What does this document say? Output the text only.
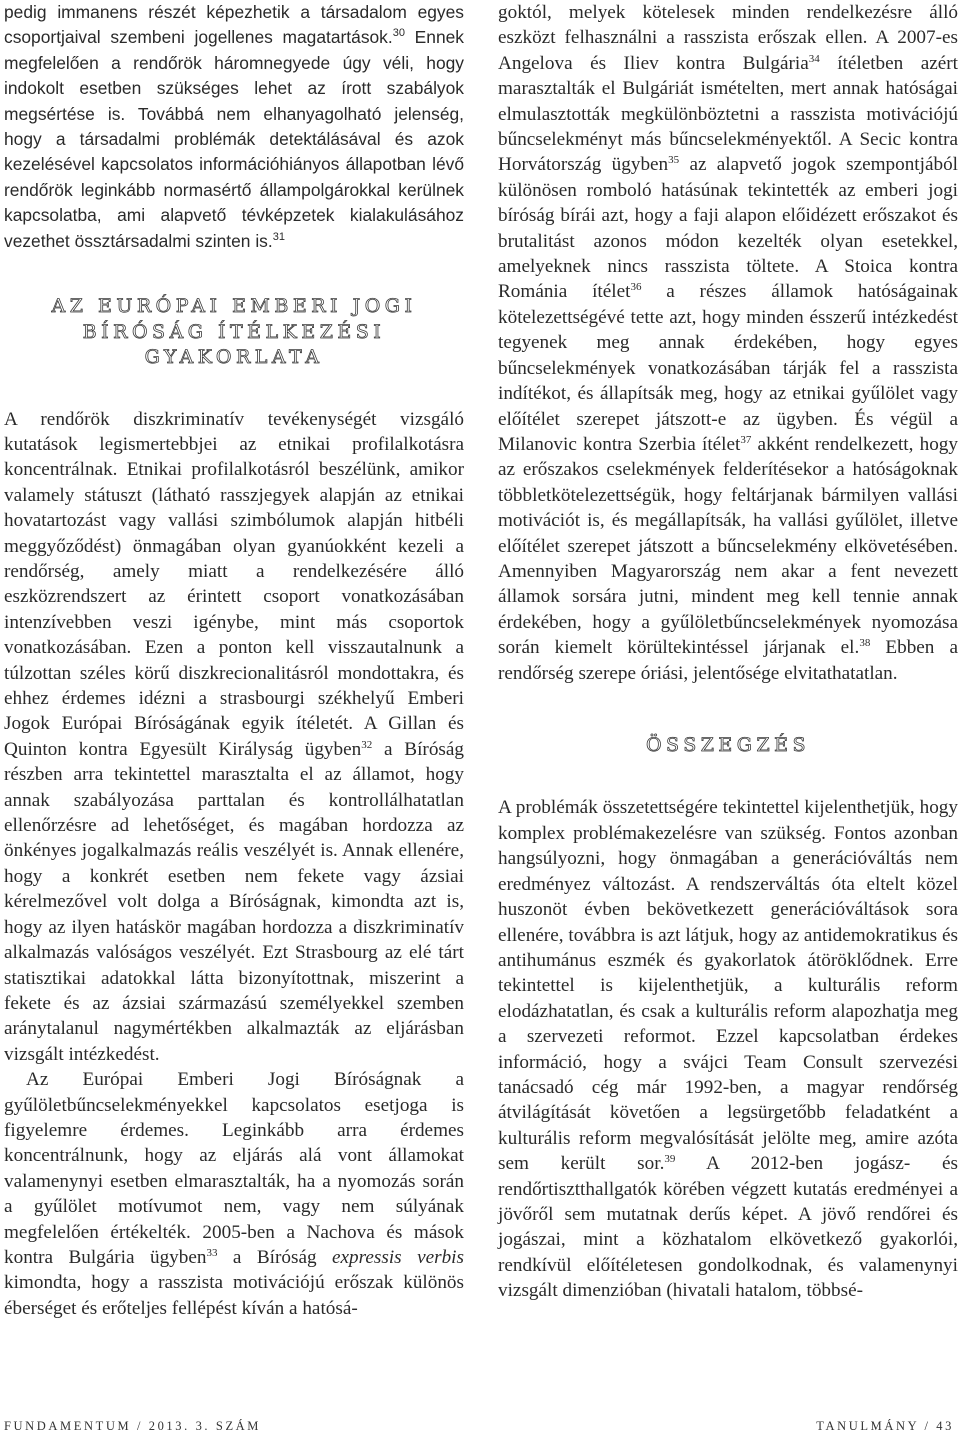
pedig immanens részét képezhetik a társadalom egyes csoportjaival szembeni jogellenes magatartások.$^{30}$ Ennek megfelelően a rendőrök háromnegyede úgy véli, hogy indokolt esetben szükséges lehet az írott szabályok megsértése is. Továbbá nem elhanyagolható jelenség, hogy a társadalmi problémák detektálásával és azok kezelésével kapcsolatos információhiányos állapotban lévő rendőrök leginkább normasértő állampolgárokkal kerülnek kapcsolatba, ami alapvető tévképzetek kialakulásához vezethet össztársadalmi szinten is.$^{31}$

AZ EURÓPAI EMBERI JOGI BÍRÓSÁG ÍTÉLKEZÉSI GYAKORLATA

A rendőrök diszkriminatív tevékenységét vizsgáló kutatások legismertebbjei az etnikai profilalkotásra koncentrálnak. Etnikai profilalkotásról beszélünk, amikor valamely státuszt (látható rasszjegyek alapján az etnikai hovatartozást vagy vallási szimbólumok alapján hitbéli meggyőződést) önmagában olyan gyanúokként kezeli a rendőrség, amely miatt a rendelkezésére álló eszközrendszert az érintett csoport vonatkozásában intenzívebben veszi igénybe, mint más csoportok vonatkozásában. Ezen a ponton kell visszautalnunk a túlzottan széles körű diszkrecionalitásról mondottakra, és ehhez érdemes idézni a strasbourgi székhelyű Emberi Jogok Európai Bíróságának egyik ítéletét. A Gillan és Quinton kontra Egyesült Királyság ügyben$^{32}$ a Bíróság részben arra tekintettel marasztalta el az államot, hogy annak szabályozása parttalan és kontrollálhatatlan ellenőrzésre ad lehetőséget, és magában hordozza az önkényes jogalkalmazás reális veszélyét is. Annak ellenére, hogy a konkrét esetben nem fekete vagy ázsiai kérelmezővel volt dolga a Bíróságnak, kimondta azt is, hogy az ilyen hatáskör magában hordozza a diszkriminatív alkalmazás valóságos veszélyét. Ezt Strasbourg az elé tárt statisztikai adatokkal látta bizonyítottnak, miszerint a fekete és az ázsiai származású személyekkel szemben aránytalanul nagymértékben alkalmazták az eljárásban vizsgált intézkedést.

Az Európai Emberi Jogi Bíróságnak a gyűlöletbűncselekményekkel kapcsolatos esetjoga is figyelemre érdemes. Leginkább arra érdemes koncentrálnunk, hogy az eljárás alá vont államokat valamenynyi esetben elmarasztalták, ha a nyomozás során a gyűlölet motívumot nem, vagy nem súlyának megfelelően értékelték. 2005-ben a Nachova és mások kontra Bulgária ügyben$^{33}$ a Bíróság expressis verbis kimondta, hogy a rasszista motivációjú erőszak különös éberséget és erőteljes fellépést kíván a hatósá-

goktól, melyek kötelesek minden rendelkezésre álló eszközt felhasználni a rasszista erőszak ellen. A 2007-es Angelova és Iliev kontra Bulgária$^{34}$ ítéletben azért marasztalták el Bulgáriát ismételten, mert annak hatóságai elmulasztották megkülönböztetni a rasszista motivációjú bűncselekményt más bűncselekményektől. A Secic kontra Horvátország ügyben$^{35}$ az alapvető jogok szempontjából különösen romboló hatásúnak tekintették az emberi jogi bíróság bírái azt, hogy a faji alapon előidézett erőszakot és brutalitást azonos módon kezelték olyan esetekkel, amelyeknek nincs rasszista töltete. A Stoica kontra Románia ítélet$^{36}$ a részes államok hatóságainak kötelezettségévé tette azt, hogy minden ésszerű intézkedést tegyenek meg annak érdekében, hogy egyes bűncselekmények vonatkozásában tárják fel a rasszista indítékot, és állapítsák meg, hogy az etnikai gyűlölet vagy előítélet szerepet játszott-e az ügyben. És végül a Milanovic kontra Szerbia ítélet$^{37}$ akként rendelkezett, hogy az erőszakos cselekmények felderítésekor a hatóságoknak többletkötelezettségük, hogy feltárjanak bármilyen vallási motivációt is, és megállapítsák, ha vallási gyűlölet, illetve előítélet szerepet játszott a bűncselekmény elkövetésében. Amennyiben Magyarország nem akar a fent nevezett államok sorsára jutni, mindent meg kell tennie annak érdekében, hogy a gyűlöletbűncselekmények nyomozása során kiemelt körültekintéssel járjanak el.$^{38}$ Ebben a rendőrség szerepe óriási, jelentősége elvitathatatlan.

ÖSSZEGZÉS

A problémák összetettségére tekintettel kijelenthetjük, hogy komplex problémakezelésre van szükség. Fontos azonban hangsúlyozni, hogy önmagában a generációváltás nem eredményez változást. A rendszerváltás óta eltelt közel huszonöt évben bekövetkezett generációváltások sora ellenére, továbbra is azt látjuk, hogy az antidemokratikus és antihumánus eszmék és gyakorlatok átöröklődnek. Erre tekintettel is kijelenthetjük, a kulturális reform elodázhatatlan, és csak a kulturális reform alapozhatja meg a szervezeti reformot. Ezzel kapcsolatban érdekes információ, hogy a svájci Team Consult szervezési tanácsadó cég már 1992-ben, a magyar rendőrség átvilágítását követően a legsürgetőbb feladatként a kulturális reform megvalósítását jelölte meg, amire azóta sem került sor.$^{39}$ A 2012-ben jogász- és rendőrtisztthallgatók körében végzett kutatás eredményei a jövőről sem mutatnak derűs képet. A jövő rendőrei és jogászai, mint a közhatalom elkövetkező gyakorlói, rendkívül előítéletesen gondolkodnak, és valamenynyi vizsgált dimenzióban (hivatali hatalom, többsé-

FUNDAMENTUM / 2013. 3. SZÁM	TANULMÁNY / 43
